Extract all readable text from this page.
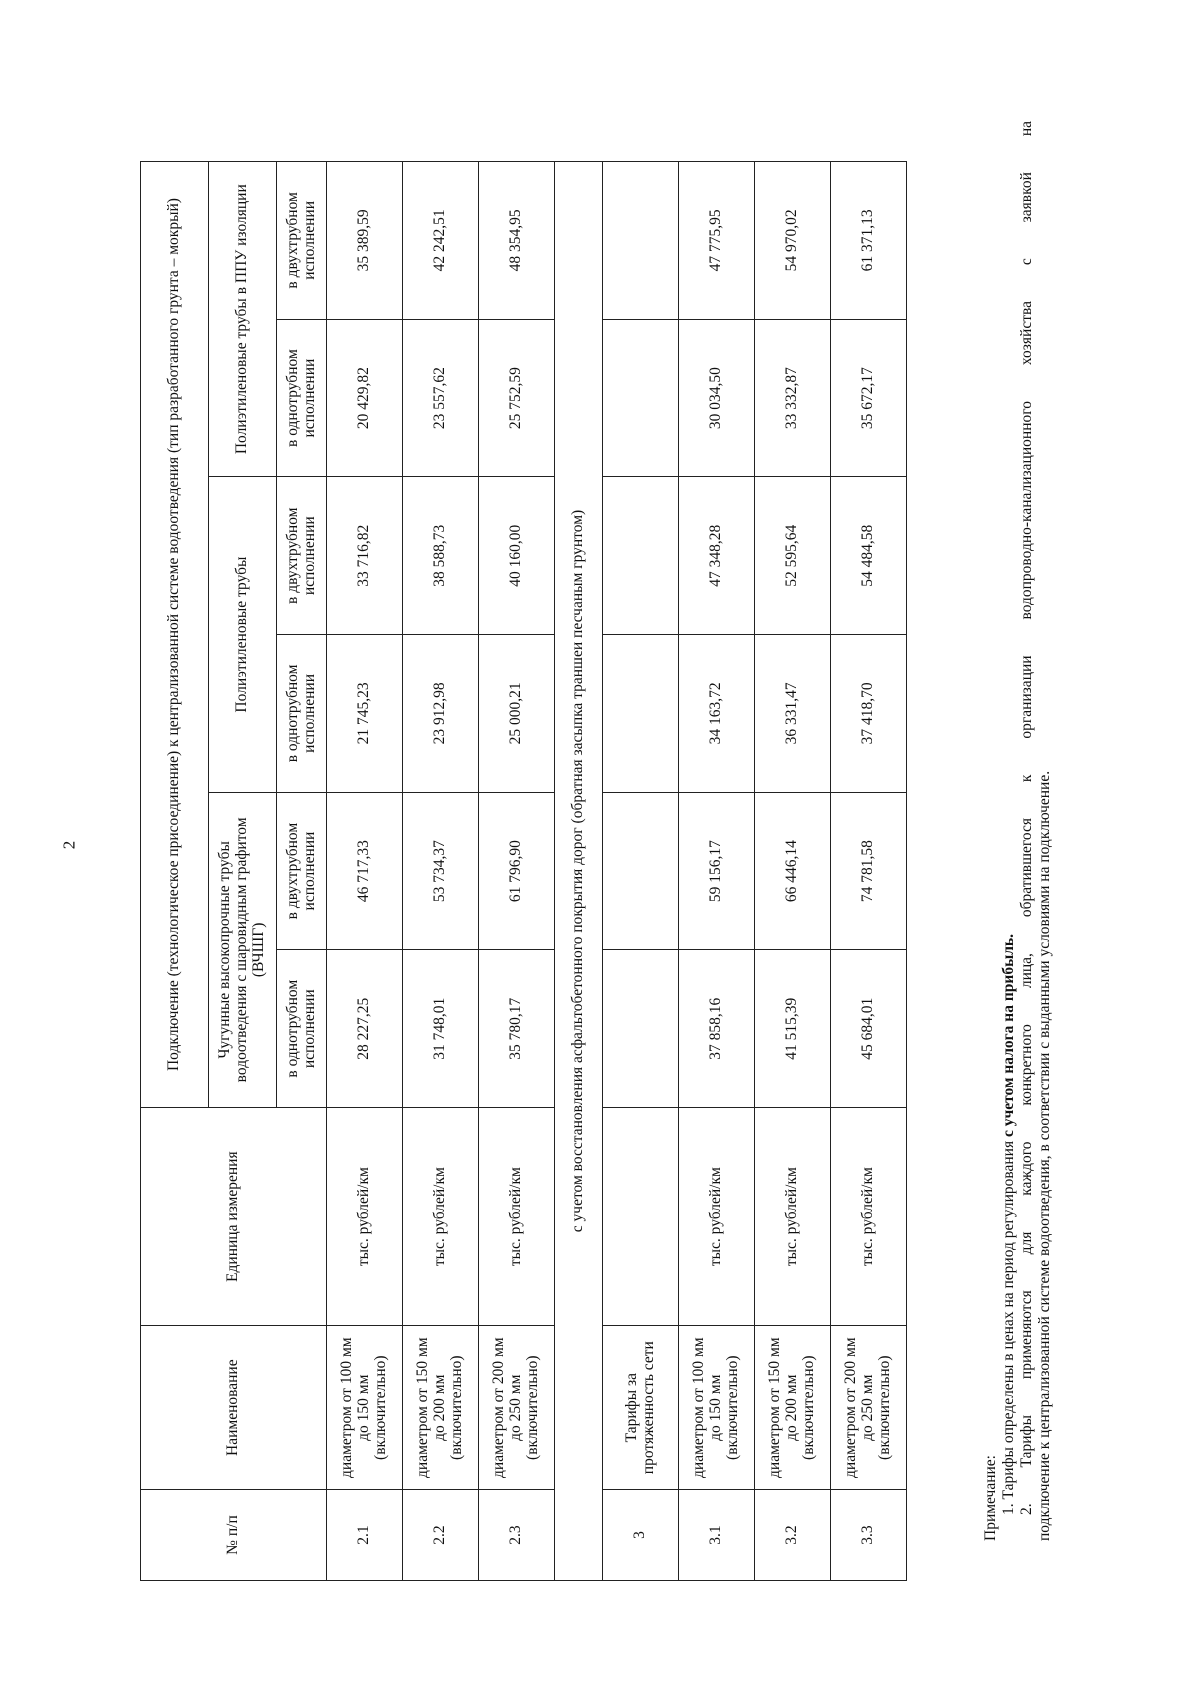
2
№ п/п	Наименование	Единица измерения	Подключение (технологическое присоединение) к централизованной системе водоотведения (тип разработанного грунта – мокрый)					
			Чугунные высокопрочные трубы водоотведения с шаровидным графитом (ВЧШГ)		Полиэтиленовые трубы		Полиэтиленовые трубы в ППУ изоляции	
			в однотрубном исполнении	в двухтрубном исполнении	в однотрубном исполнении	в двухтрубном исполнении	в однотрубном исполнении	в двухтрубном исполнении
2.1	диаметром от 100 мм до 150 мм (включительно)	тыс. рублей/км	28 227,25	46 717,33	21 745,23	33 716,82	20 429,82	35 389,59
2.2	диаметром от 150 мм до 200 мм (включительно)	тыс. рублей/км	31 748,01	53 734,37	23 912,98	38 588,73	23 557,62	42 242,51
2.3	диаметром от 200 мм до 250 мм (включительно)	тыс. рублей/км	35 780,17	61 796,90	25 000,21	40 160,00	25 752,59	48 354,95
с учетом восстановления асфальтобетонного покрытия дорог (обратная засыпка траншеи песчаным грунтом)								
3	Тарифы за протяженность сети							
3.1	диаметром от 100 мм до 150 мм (включительно)	тыс. рублей/км	37 858,16	59 156,17	34 163,72	47 348,28	30 034,50	47 775,95
3.2	диаметром от 150 мм до 200 мм (включительно)	тыс. рублей/км	41 515,39	66 446,14	36 331,47	52 595,64	33 332,87	54 970,02
3.3	диаметром от 200 мм до 250 мм (включительно)	тыс. рублей/км	45 684,01	74 781,58	37 418,70	54 484,58	35 672,17	61 371,13

Примечание: 1. Тарифы определены в ценах на период регулирования с учетом налога на прибыль. 2. Тарифы применяются для каждого конкретного лица, обратившегося к организации водопроводно-канализационного хозяйства с заявкой на подключение к централизованной системе водоотведения, в соответствии с выданными условиями на подключение.
